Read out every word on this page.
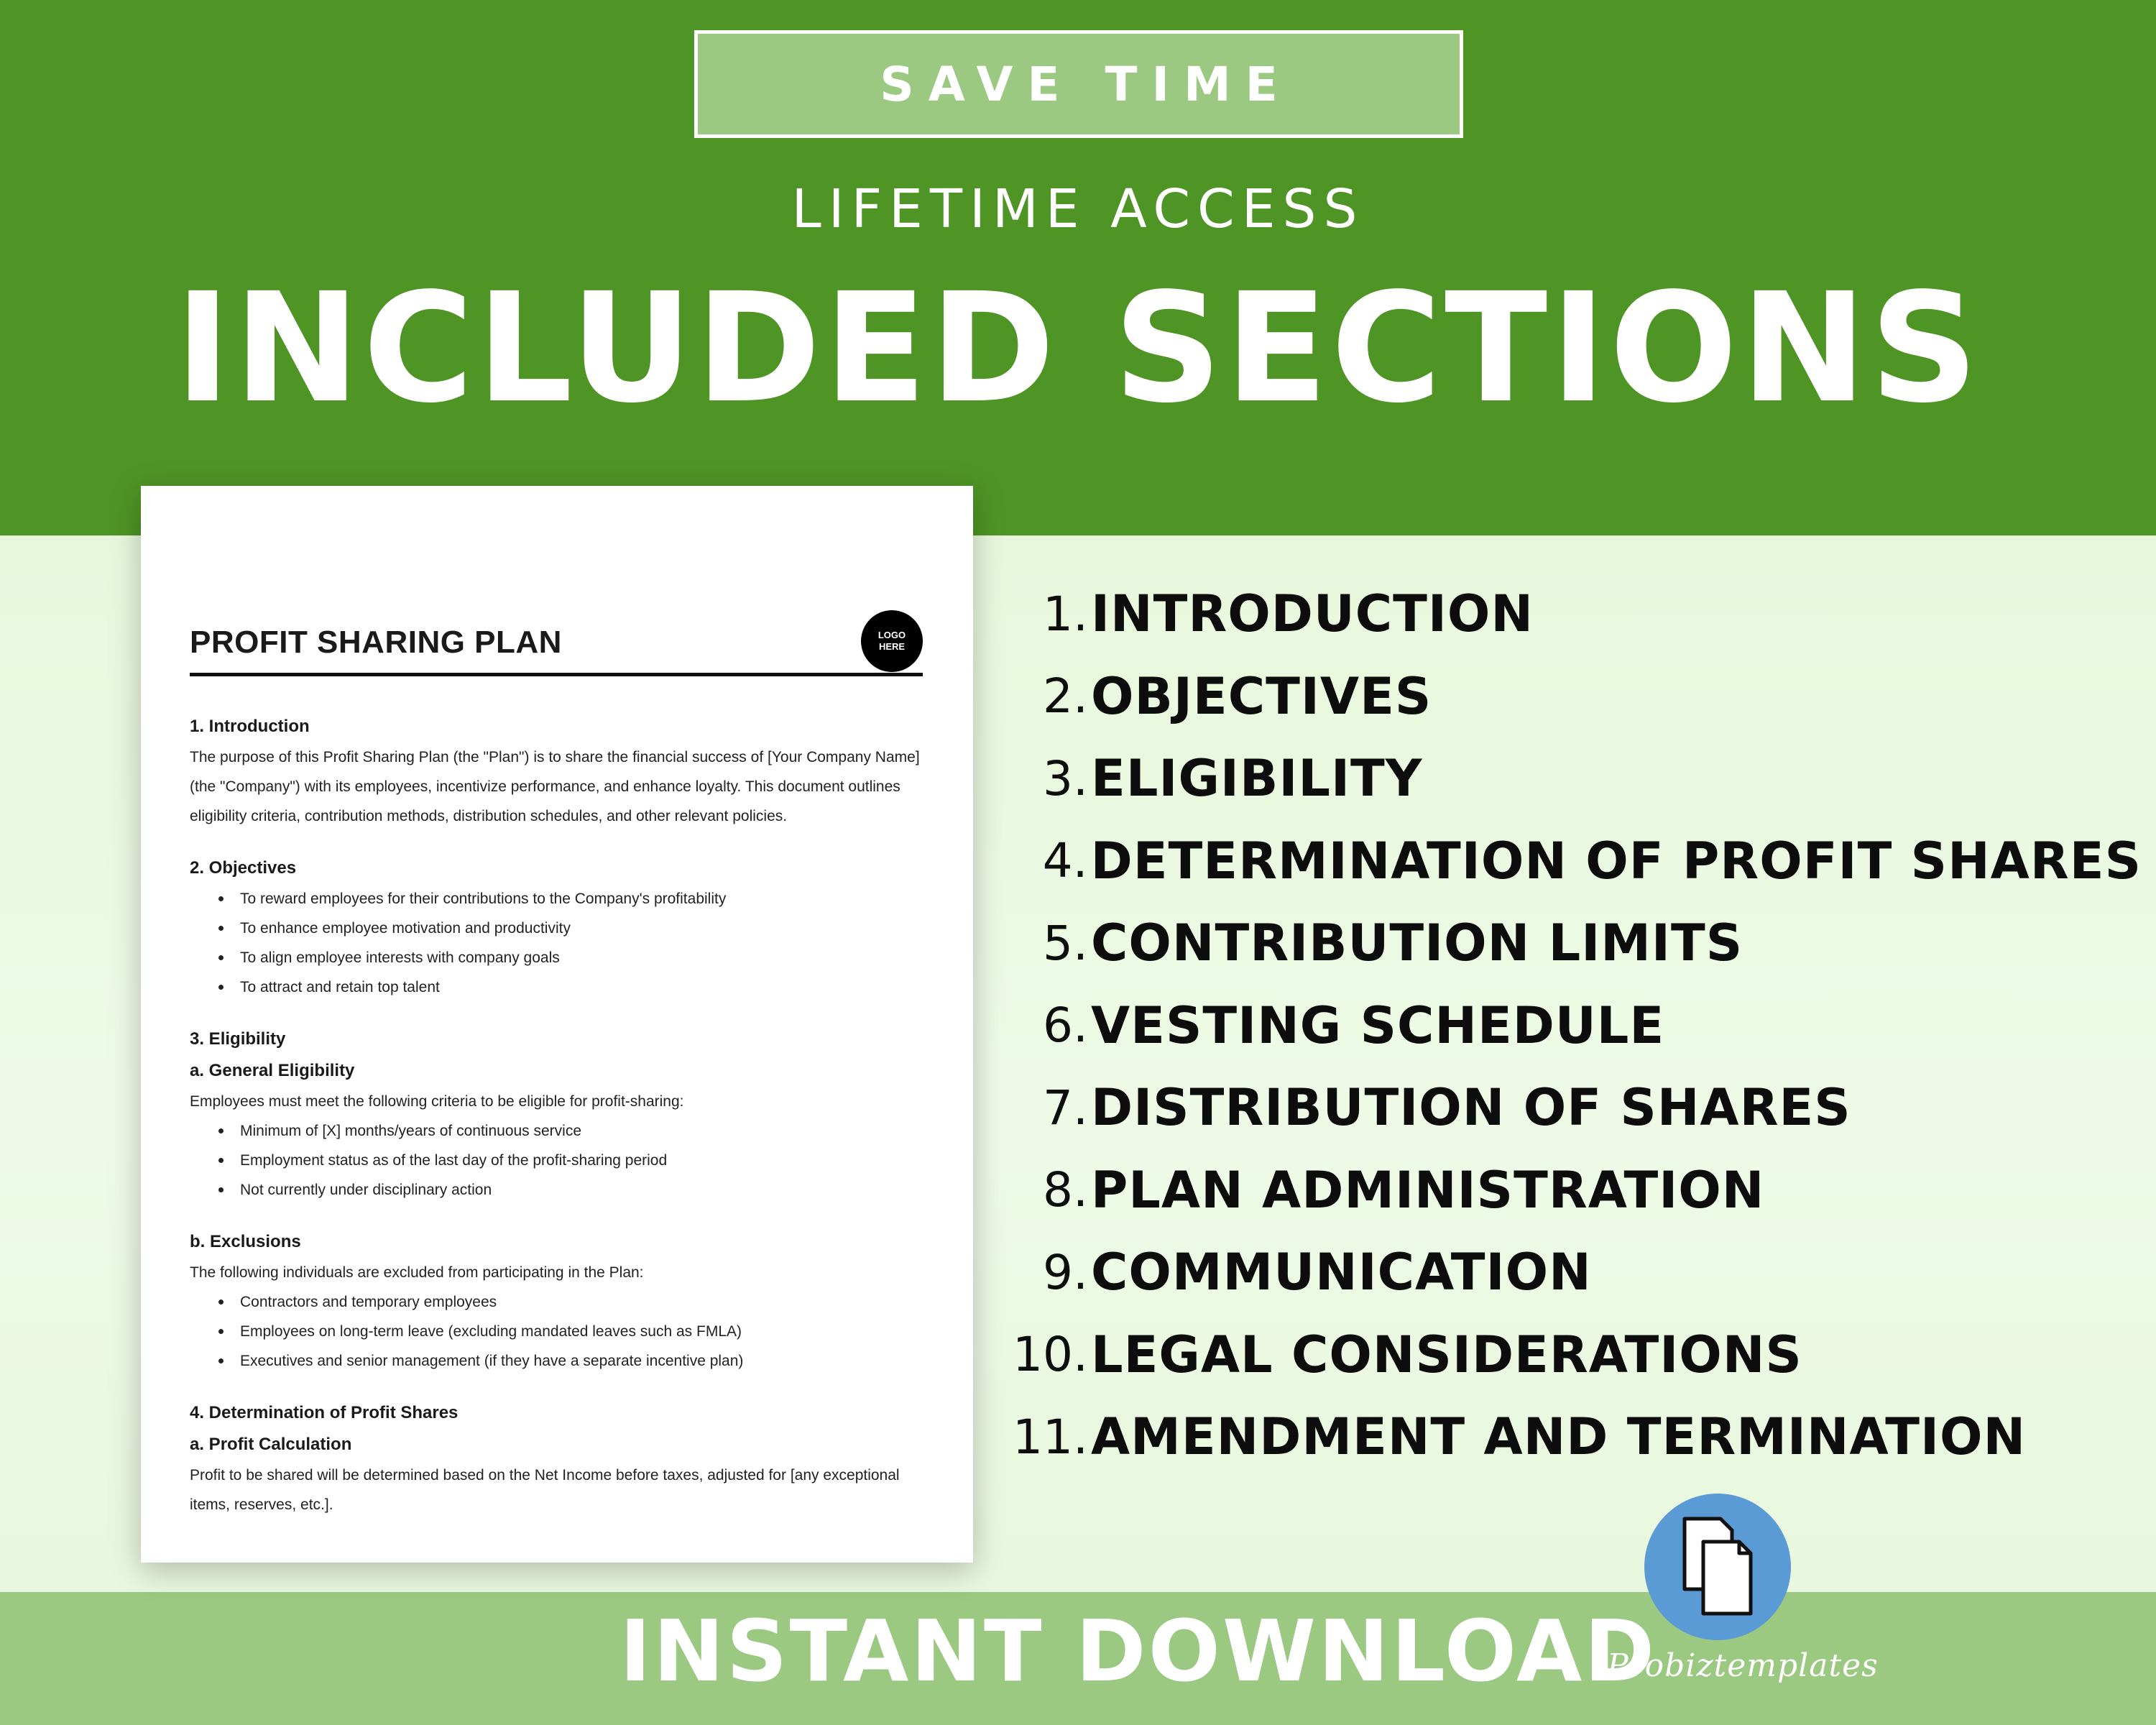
SAVE TIME
LIFETIME ACCESS
INCLUDED SECTIONS
PROFIT SHARING PLAN	LOGO
HERE
1. Introduction
The purpose of this Profit Sharing Plan (the "Plan") is to share the financial success of [Your Company Name] (the "Company") with its employees, incentivize performance, and enhance loyalty. This document outlines eligibility criteria, contribution methods, distribution schedules, and other relevant policies.
2. Objectives
To reward employees for their contributions to the Company's profitability
To enhance employee motivation and productivity
To align employee interests with company goals
To attract and retain top talent
3. Eligibility
a. General Eligibility
Employees must meet the following criteria to be eligible for profit-sharing:
Minimum of [X] months/years of continuous service
Employment status as of the last day of the profit-sharing period
Not currently under disciplinary action
b. Exclusions
The following individuals are excluded from participating in the Plan:
Contractors and temporary employees
Employees on long-term leave (excluding mandated leaves such as FMLA)
Executives and senior management (if they have a separate incentive plan)
4. Determination of Profit Shares
a. Profit Calculation
Profit to be shared will be determined based on the Net Income before taxes, adjusted for [any exceptional items, reserves, etc.].
1. INTRODUCTION
2. OBJECTIVES
3. ELIGIBILITY
4. DETERMINATION OF PROFIT SHARES
5. CONTRIBUTION LIMITS
6. VESTING SCHEDULE
7. DISTRIBUTION OF SHARES
8. PLAN ADMINISTRATION
9. COMMUNICATION
10. LEGAL CONSIDERATIONS
11. AMENDMENT AND TERMINATION
INSTANT DOWNLOAD
Probiztemplates
